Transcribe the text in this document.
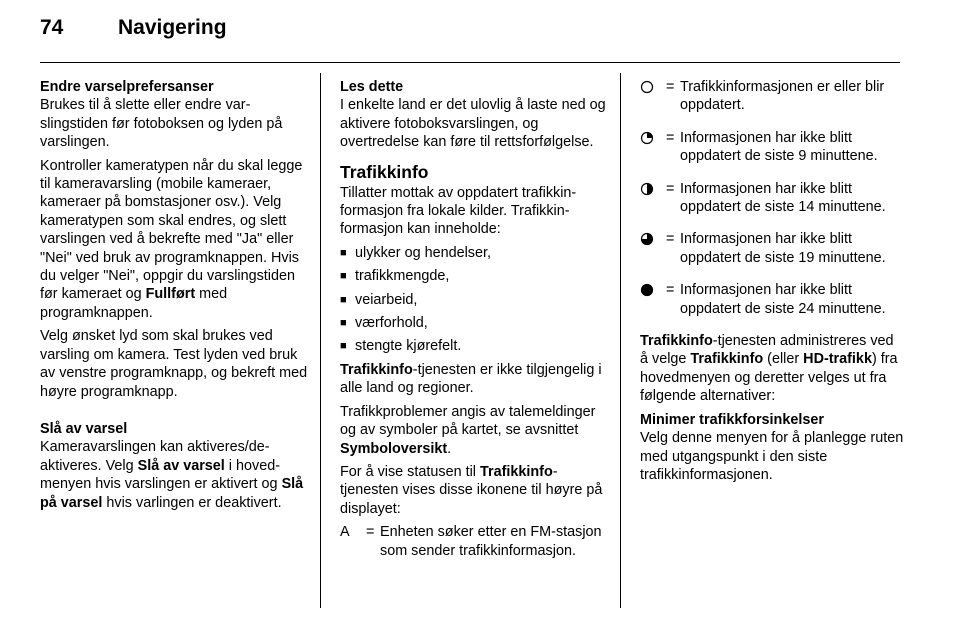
74	Navigering

Endre varselprefersanser
Brukes til å slette eller endre varslingstiden før fotoboksen og lyden på varslingen.

Kontroller kameratypen når du skal legge til kameravarsling (mobile kameraer, kameraer på bomstasjoner osv.). Velg kameratypen som skal endres, og slett varslingen ved å bekrefte med "Ja" eller "Nei" ved bruk av programknappen. Hvis du velger "Nei", oppgir du varslingstiden før kameraet og Fullført med programknappen.

Velg ønsket lyd som skal brukes ved varsling om kamera. Test lyden ved bruk av venstre programknapp, og bekreft med høyre programknapp.

Slå av varsel
Kameravarslingen kan aktiveres/deaktiveres. Velg Slå av varsel i hovedmenyen hvis varslingen er aktivert og Slå på varsel hvis varlingen er deaktivert.

Les dette
I enkelte land er det ulovlig å laste ned og aktivere fotoboksvarslingen, og overtredelse kan føre til rettsforfølgelse.

Trafikkinfo

Tillatter mottak av oppdatert trafikkinformasjon fra lokale kilder. Trafikkinformasjon kan inneholde:

■ ulykker og hendelser,
■ trafikkmengde,
■ veiarbeid,
■ værforhold,
■ stengte kjørefelt.

Trafikkinfo-tjenesten er ikke tilgjengelig i alle land og regioner.

Trafikkproblemer angis av talemeldinger og av symboler på kartet, se avsnittet Symboloversikt.

For å vise statusen til Trafikkinfo-tjenesten vises disse ikonene til høyre på displayet:

A	= Enheten søker etter en FM-stasjon som sender trafikkinformasjon.
= Trafikkinformasjonen er eller blir oppdatert.
= Informasjonen har ikke blitt oppdatert de siste 9 minuttene.
= Informasjonen har ikke blitt oppdatert de siste 14 minuttene.
= Informasjonen har ikke blitt oppdatert de siste 19 minuttene.
= Informasjonen har ikke blitt oppdatert de siste 24 minuttene.

Trafikkinfo-tjenesten administreres ved å velge Trafikkinfo (eller HD-trafikk) fra hovedmenyen og deretter velges ut fra følgende alternativer:

Minimer trafikkforsinkelser
Velg denne menyen for å planlegge ruten med utgangspunkt i den siste trafikkinformasjonen.
